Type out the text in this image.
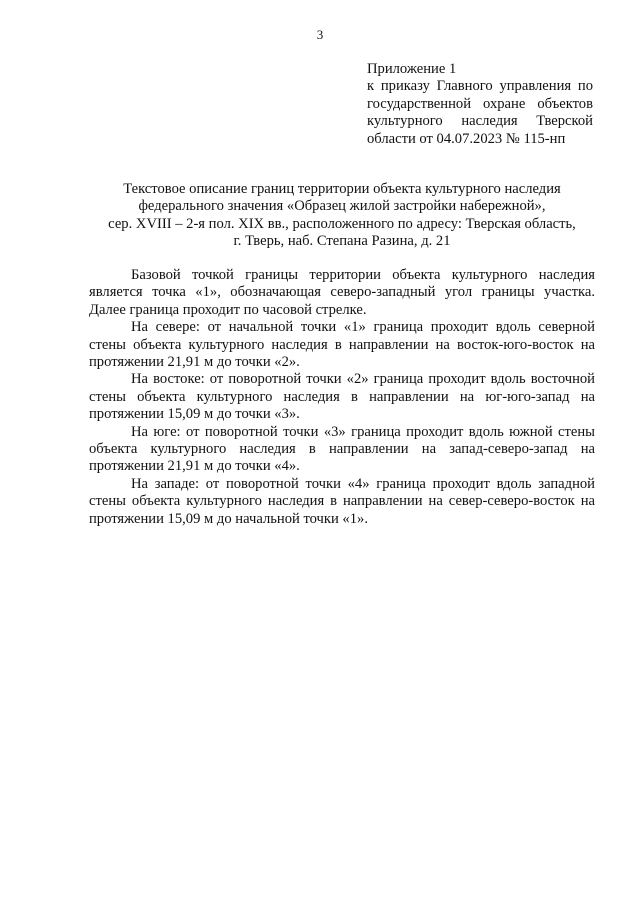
3
Приложение 1
к приказу Главного управления по
государственной охране объектов
культурного наследия Тверской
области от 04.07.2023 № 115-нп
Текстовое описание границ территории объекта культурного наследия
федерального значения «Образец жилой застройки набережной»,
сер. XVIII – 2-я пол. XIX вв., расположенного по адресу: Тверская область,
г. Тверь, наб. Степана Разина, д. 21
Базовой точкой границы территории объекта культурного наследия
является точка «1», обозначающая северо-западный угол границы участка.
Далее граница проходит по часовой стрелке.
На севере: от начальной точки «1» граница проходит вдоль северной
стены объекта культурного наследия в направлении на восток-юго-восток на
протяжении 21,91 м до точки «2».
На востоке: от поворотной точки «2» граница проходит вдоль восточной
стены объекта культурного наследия в направлении на юг-юго-запад на
протяжении 15,09 м до точки «3».
На юге: от поворотной точки «3» граница проходит вдоль южной стены
объекта культурного наследия в направлении на запад-северо-запад на
протяжении 21,91 м до точки «4».
На западе: от поворотной точки «4» граница проходит вдоль западной
стены объекта культурного наследия в направлении на север-северо-восток на
протяжении 15,09 м до начальной точки «1».
